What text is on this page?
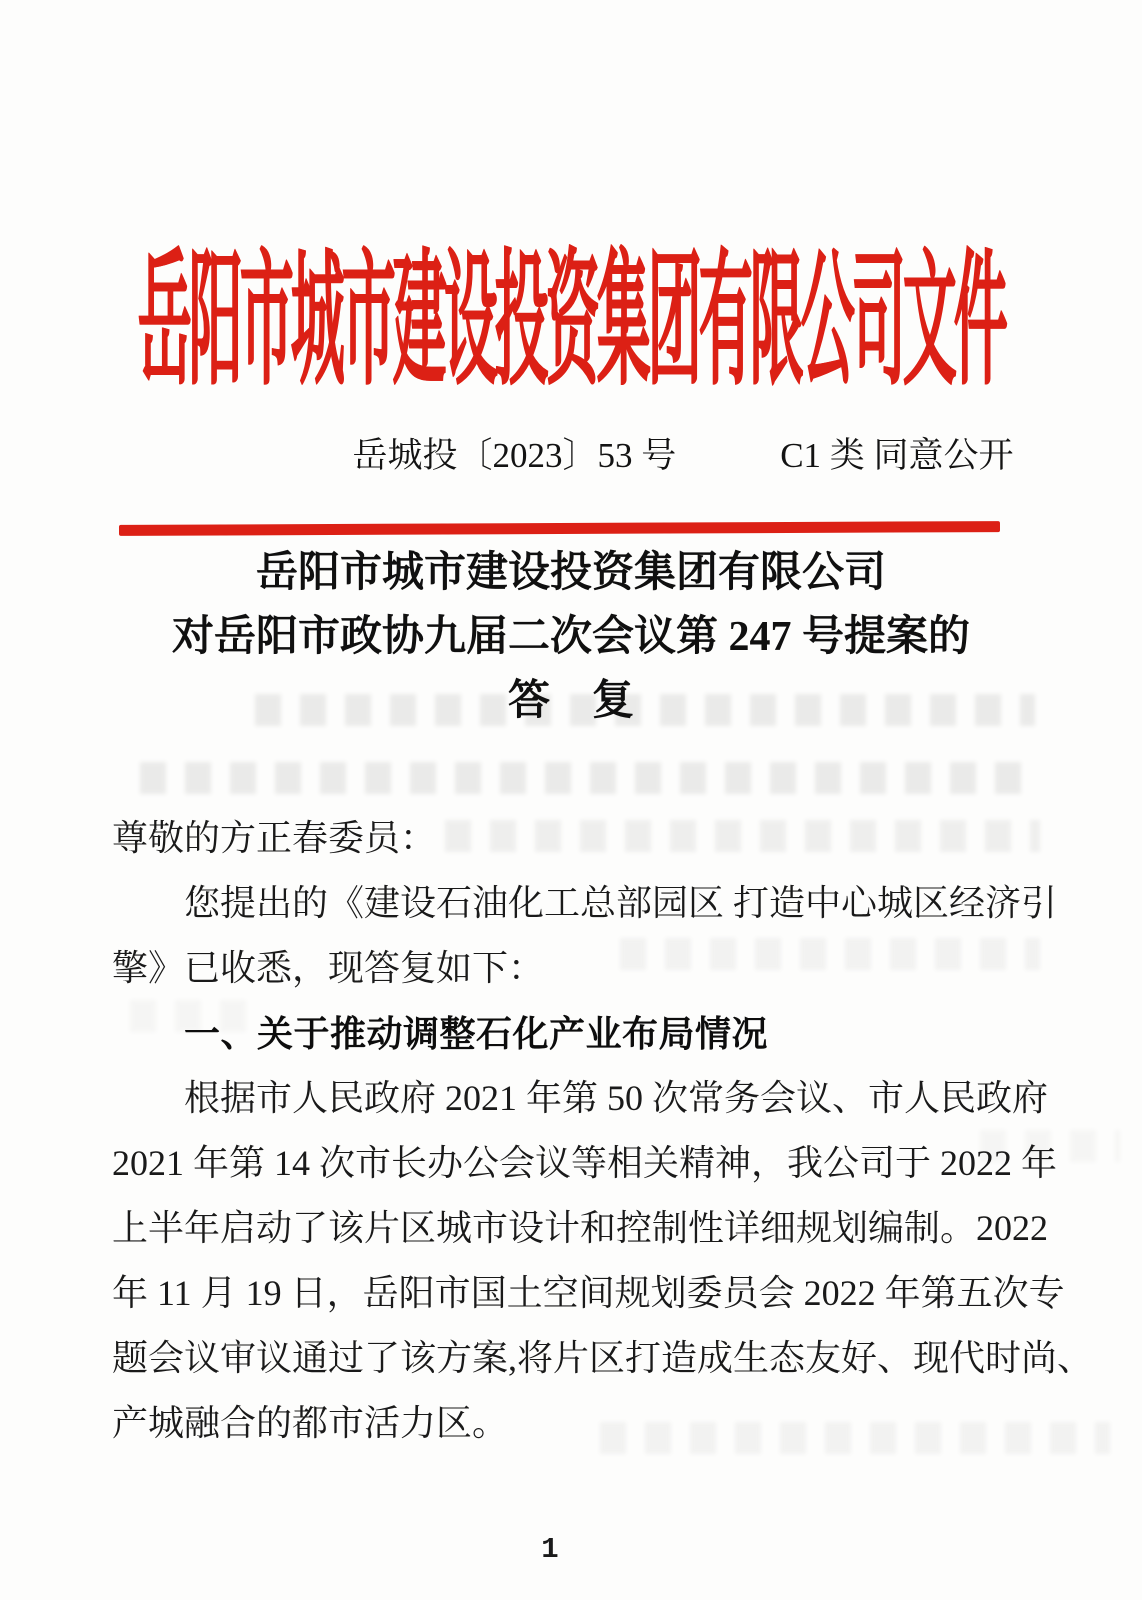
岳阳市城市建设投资集团有限公司文件
岳城投〔2023〕53 号	C1 类 同意公开
岳阳市城市建设投资集团有限公司
对岳阳市政协九届二次会议第 247 号提案的
答　复
尊敬的方正春委员：
您提出的《建设石油化工总部园区 打造中心城区经济引
擎》已收悉，现答复如下：
一、关于推动调整石化产业布局情况
根据市人民政府 2021 年第 50 次常务会议、市人民政府
2021 年第 14 次市长办公会议等相关精神，我公司于 2022 年
上半年启动了该片区城市设计和控制性详细规划编制。2022
年 11 月 19 日，岳阳市国土空间规划委员会 2022 年第五次专
题会议审议通过了该方案,将片区打造成生态友好、现代时尚、
产城融合的都市活力区。
1
